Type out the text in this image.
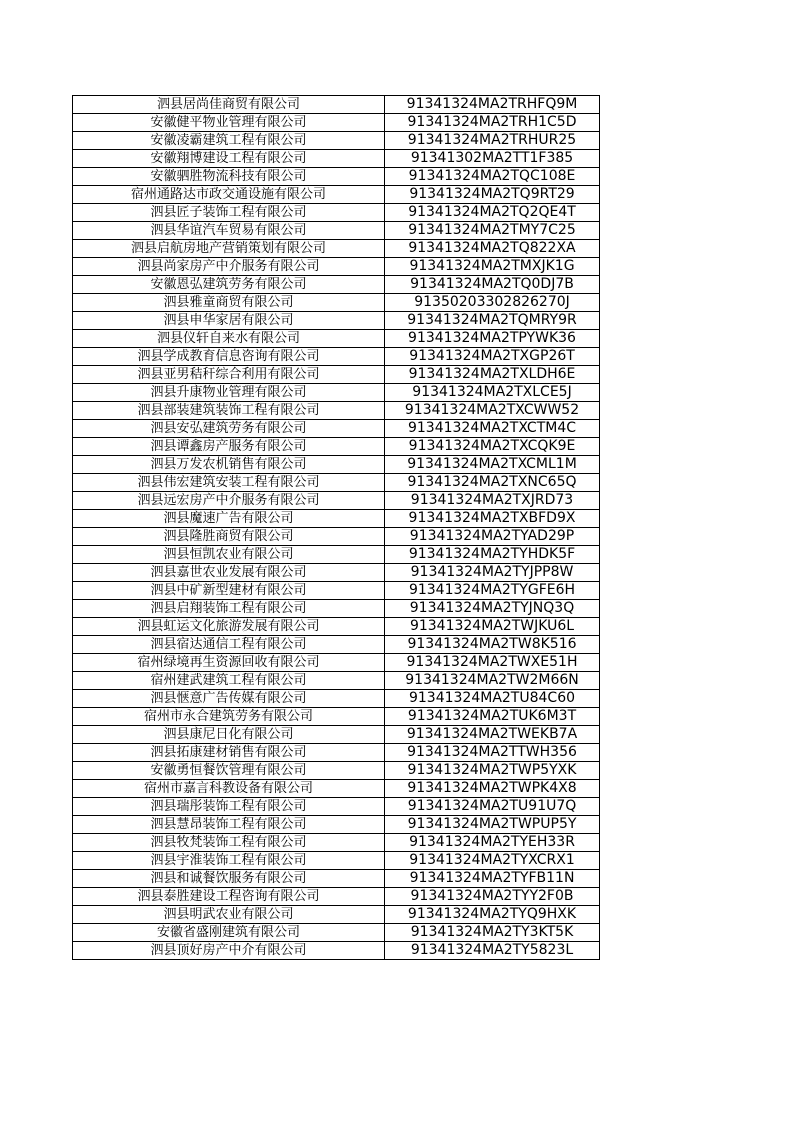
泗县居尚佳商贸有限公司	91341324MA2TRHFQ9M
安徽健平物业管理有限公司	91341324MA2TRH1C5D
安徽凌霸建筑工程有限公司	91341324MA2TRHUR25
安徽翔博建设工程有限公司	91341302MA2TT1F385
安徽驷胜物流科技有限公司	91341324MA2TQC108E
宿州通路达市政交通设施有限公司	91341324MA2TQ9RT29
泗县匠子装饰工程有限公司	91341324MA2TQ2QE4T
泗县华谊汽车贸易有限公司	91341324MA2TMY7C25
泗县启航房地产营销策划有限公司	91341324MA2TQ822XA
泗县尚家房产中介服务有限公司	91341324MA2TMXJK1G
安徽恩弘建筑劳务有限公司	91341324MA2TQ0DJ7B
泗县雅童商贸有限公司	91350203302826270J
泗县申华家居有限公司	91341324MA2TQMRY9R
泗县仪轩自来水有限公司	91341324MA2TPYWK36
泗县学成教育信息咨询有限公司	91341324MA2TXGP26T
泗县亚男秸秆综合利用有限公司	91341324MA2TXLDH6E
泗县升康物业管理有限公司	91341324MA2TXLCE5J
泗县部装建筑装饰工程有限公司	91341324MA2TXCWW52
泗县安弘建筑劳务有限公司	91341324MA2TXCTM4C
泗县谭鑫房产服务有限公司	91341324MA2TXCQK9E
泗县万发农机销售有限公司	91341324MA2TXCML1M
泗县伟宏建筑安装工程有限公司	91341324MA2TXNC65Q
泗县远宏房产中介服务有限公司	91341324MA2TXJRD73
泗县魔速广告有限公司	91341324MA2TXBFD9X
泗县隆胜商贸有限公司	91341324MA2TYAD29P
泗县恒凯农业有限公司	91341324MA2TYHDK5F
泗县嘉世农业发展有限公司	91341324MA2TYJPP8W
泗县中矿新型建材有限公司	91341324MA2TYGFE6H
泗县启翔装饰工程有限公司	91341324MA2TYJNQ3Q
泗县虹运文化旅游发展有限公司	91341324MA2TWJKU6L
泗县宿达通信工程有限公司	91341324MA2TW8K516
宿州绿境再生资源回收有限公司	91341324MA2TWXE51H
宿州建武建筑工程有限公司	91341324MA2TW2M66N
泗县惬意广告传媒有限公司	91341324MA2TU84C60
宿州市永合建筑劳务有限公司	91341324MA2TUK6M3T
泗县康尼日化有限公司	91341324MA2TWEKB7A
泗县拓康建材销售有限公司	91341324MA2TTWH356
安徽勇恒餐饮管理有限公司	91341324MA2TWP5YXK
宿州市嘉言科教设备有限公司	91341324MA2TWPK4X8
泗县瑞彤装饰工程有限公司	91341324MA2TU91U7Q
泗县慧昂装饰工程有限公司	91341324MA2TWPUP5Y
泗县牧梵装饰工程有限公司	91341324MA2TYEH33R
泗县宇淮装饰工程有限公司	91341324MA2TYXCRX1
泗县和诚餐饮服务有限公司	91341324MA2TYFB11N
泗县泰胜建设工程咨询有限公司	91341324MA2TYY2F0B
泗县明武农业有限公司	91341324MA2TYQ9HXK
安徽省盛刚建筑有限公司	91341324MA2TY3KT5K
泗县顶好房产中介有限公司	91341324MA2TY5823L
